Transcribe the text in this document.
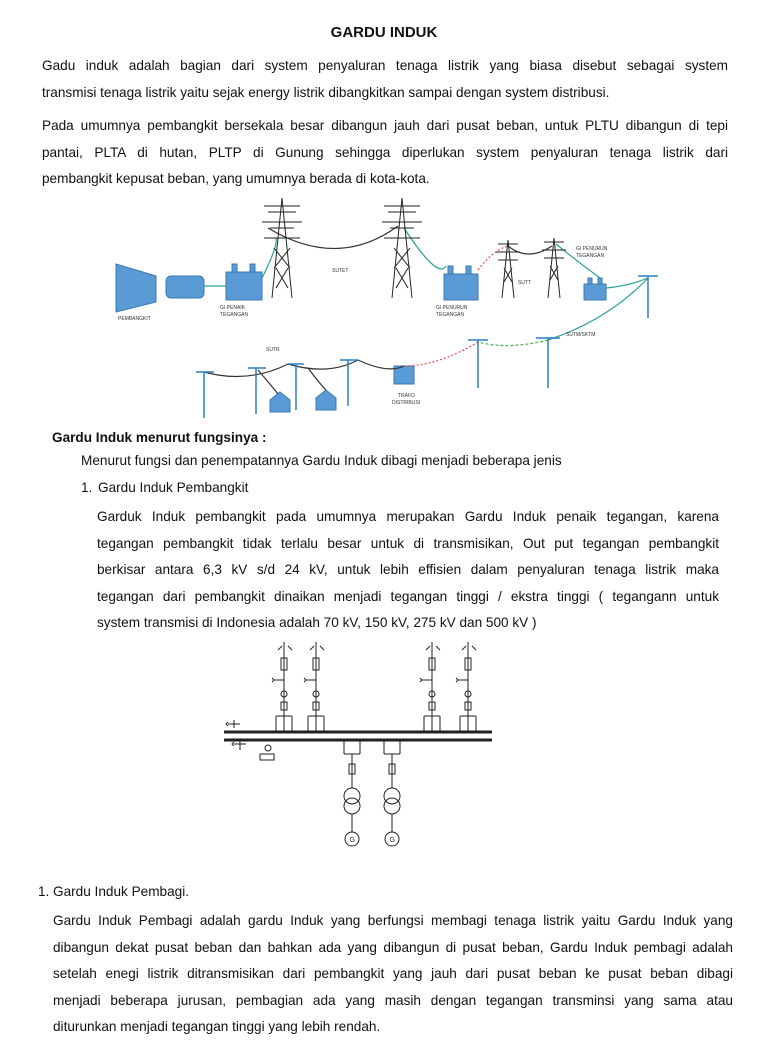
GARDU INDUK
Gadu induk adalah bagian dari system penyaluran tenaga listrik yang biasa disebut sebagai system
transmisi tenaga listrik yaitu sejak energy listrik dibangkitkan sampai dengan system distribusi.
Pada umumnya pembangkit bersekala besar dibangun jauh dari pusat beban, untuk PLTU dibangun di tepi
pantai, PLTA di hutan, PLTP di Gunung sehingga diperlukan system penyaluran tenaga listrik dari
pembangkit kepusat beban, yang umumnya berada di kota-kota.
PEMBANGKIT
GI PENAIK
TEGANGAN
SUTET
GI PENURUN
TEGANGAN
SUTT
GI PENURUN
TEGANGAN
SUTM/SKTM
SUTR
TRAFO
DISTRIBUSI
Gardu Induk menurut fungsinya :
Menurut fungsi dan penempatannya Gardu Induk dibagi menjadi beberapa jenis
1. Gardu Induk Pembangkit
Garduk Induk pembangkit pada umumnya merupakan Gardu Induk penaik tegangan, karena
tegangan pembangkit tidak terlalu besar untuk di transmisikan, Out put tegangan pembangkit
berkisar antara 6,3 kV s/d 24 kV, untuk lebih effisien dalam penyaluran tenaga listrik maka
tegangan dari pembangkit dinaikan menjadi tegangan tinggi / ekstra tinggi ( tegangann untuk
system transmisi di Indonesia adalah 70 kV, 150 kV, 275 kV dan 500 kV )
G	G
1. Gardu Induk Pembagi.
Gardu Induk Pembagi adalah gardu Induk yang berfungsi membagi tenaga listrik yaitu Gardu Induk yang
dibangun dekat pusat beban dan bahkan ada yang dibangun di pusat beban, Gardu Induk pembagi adalah
setelah enegi listrik ditransmisikan dari pembangkit yang jauh dari pusat beban ke pusat beban dibagi
menjadi beberapa jurusan, pembagian ada yang masih dengan tegangan transminsi yang sama atau
diturunkan menjadi tegangan tinggi yang lebih rendah.
